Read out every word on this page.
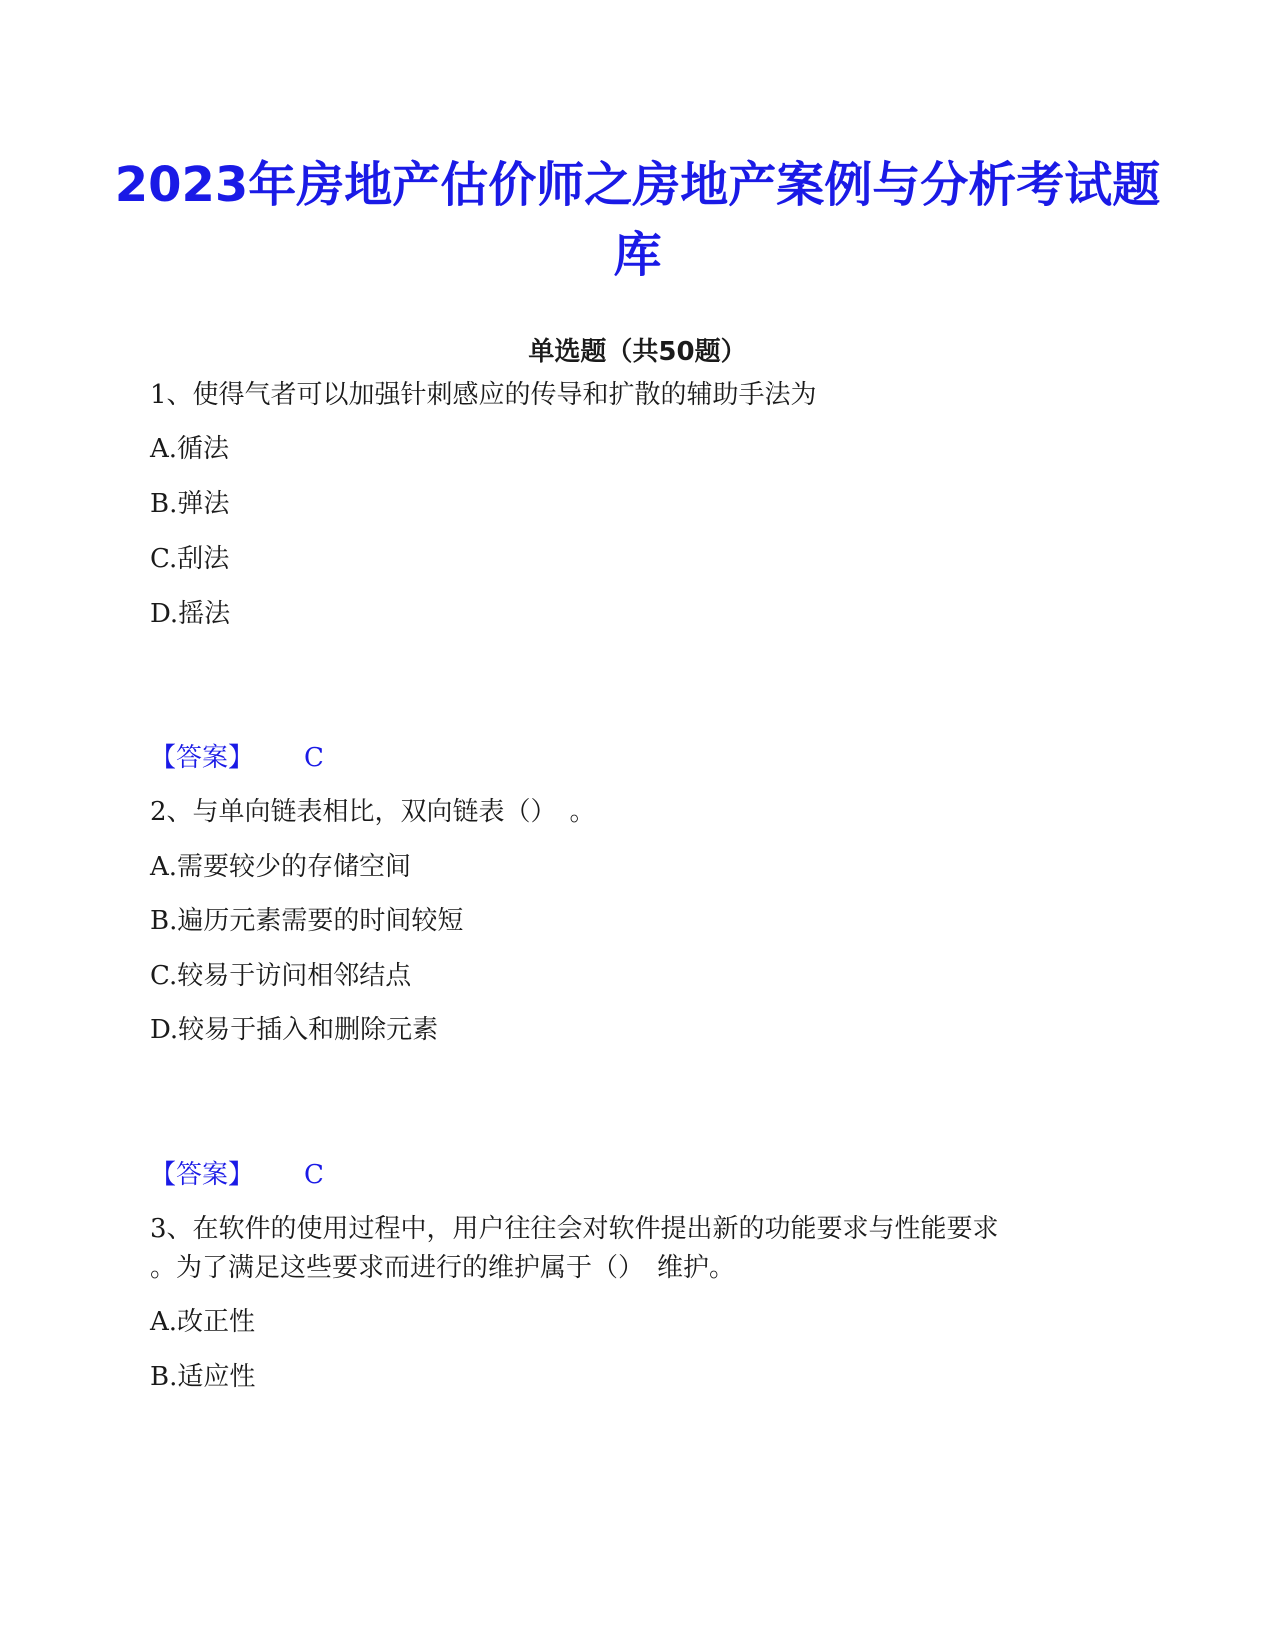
2023年房地产估价师之房地产案例与分析考试题库
单选题（共50题）
1、使得气者可以加强针刺感应的传导和扩散的辅助手法为
A.循法
B.弹法
C.刮法
D.摇法
【答案】 C
2、与单向链表相比，双向链表（）　。
A.需要较少的存储空间
B.遍历元素需要的时间较短
C.较易于访问相邻结点
D.较易于插入和删除元素
【答案】 C
3、在软件的使用过程中，用户往往会对软件提出新的功能要求与性能要求
。为了满足这些要求而进行的维护属于（）　维护。
A.改正性
B.适应性
